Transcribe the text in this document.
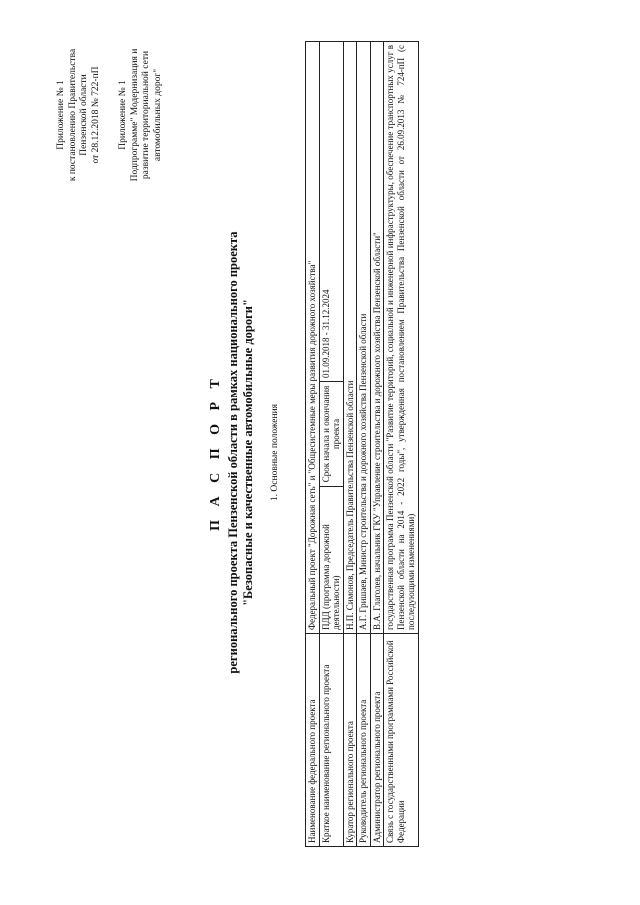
Приложение № 1 к постановлению Правительства Пензенской области от 28.12.2018 № 722-пП Приложение № 1 Подпрограмме" Модернизация и развитие территориальной сети автомобильных дорог"
П А С П О Р Т регионального проекта Пензенской области в рамках национального проекта "Безопасные и качественные автомобильные дороги" 1. Основные положения
Наименование федерального проекта	Федеральный проект "Дорожная сеть" и "Общесистемные меры развития дорожного хозяйства"		
Краткое наименование регионального проекта	ПДД (программа дорожной деятельности)	Срок начала и окончания проекта	01.09.2018 - 31.12.2024
Куратор регионального проекта	Н.П. Симонов, Председатель Правительства Пензенской области		
Руководитель регионального проекта	А.Г. Гришаев, Министр строительства и дорожного хозяйства Пензенской области		
Администратор регионального проекта	В.А. Глаголев, начальник ГКУ "Управление строительства и дорожного хозяйства Пензенской области"		
Связь с государственными программами Российской Федерации	государственная программа Пензенской области "Развитие территорий, социальной и инженерной инфраструктуры, обеспечение транспортных услуг в Пензенской области на 2014 - 2022 годы", утвержденная постановлением Правительства Пензенской области от 26.09.2013 № 724-пП (с последующими изменениями)		
